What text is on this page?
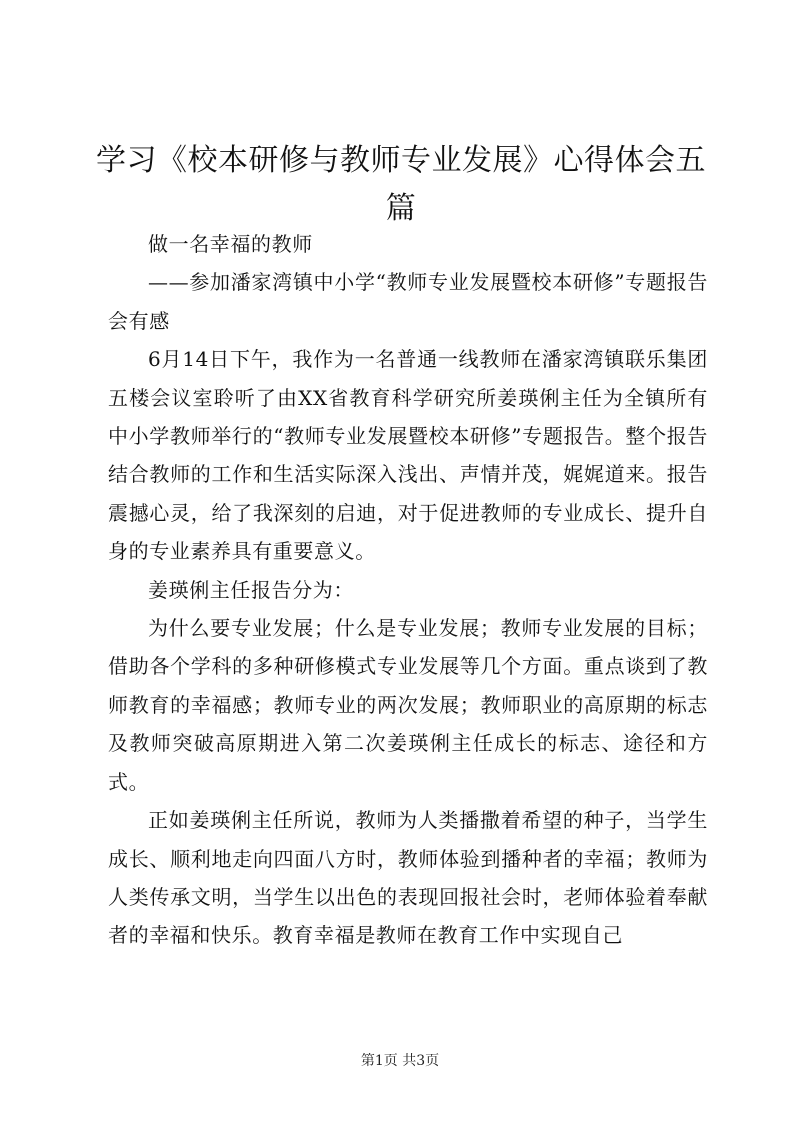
学习《校本研修与教师专业发展》心得体会五篇

做一名幸福的教师

——参加潘家湾镇中小学“教师专业发展暨校本研修”专题报告会有感

6月14日下午，我作为一名普通一线教师在潘家湾镇联乐集团五楼会议室聆听了由XX省教育科学研究所姜瑛俐主任为全镇所有中小学教师举行的“教师专业发展暨校本研修”专题报告。整个报告结合教师的工作和生活实际深入浅出、声情并茂，娓娓道来。报告震撼心灵，给了我深刻的启迪，对于促进教师的专业成长、提升自身的专业素养具有重要意义。

姜瑛俐主任报告分为：

为什么要专业发展；什么是专业发展；教师专业发展的目标；借助各个学科的多种研修模式专业发展等几个方面。重点谈到了教师教育的幸福感；教师专业的两次发展；教师职业的高原期的标志及教师突破高原期进入第二次姜瑛俐主任成长的标志、途径和方式。

正如姜瑛俐主任所说，教师为人类播撒着希望的种子，当学生成长、顺利地走向四面八方时，教师体验到播种者的幸福；教师为人类传承文明，当学生以出色的表现回报社会时，老师体验着奉献者的幸福和快乐。教育幸福是教师在教育工作中实现自己

第1页 共3页
